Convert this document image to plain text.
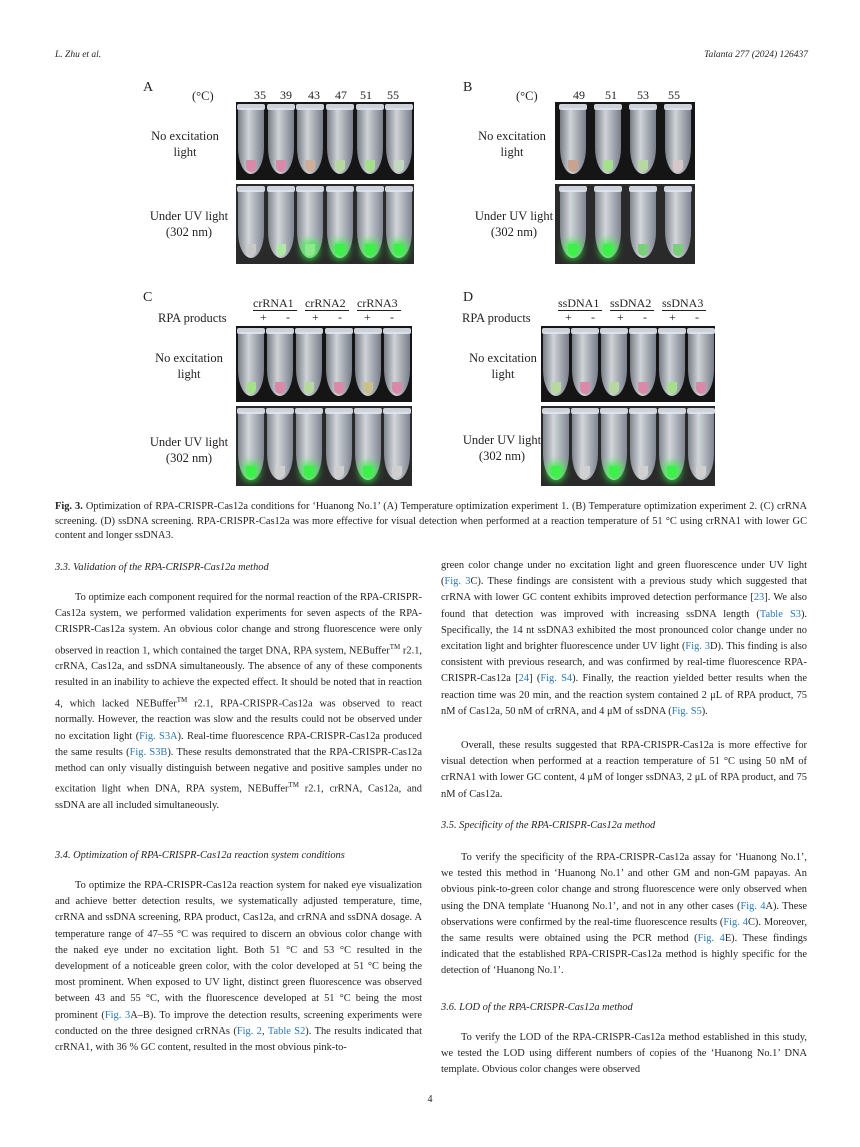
L. Zhu et al.	Talanta 277 (2024) 126437
A
(°C)	35 39 43 47 51 55
No excitation light
Under UV light (302 nm)
B
(°C)	49 51 53 55
No excitation light
Under UV light (302 nm)
C	crRNA1 crRNA2 crRNA3
RPA products	+ - + - + -
No excitation light
Under UV light (302 nm)
D	ssDNA1 ssDNA2 ssDNA3
RPA products	+ - + - + -
No excitation light
Under UV light (302 nm)
Fig. 3. Optimization of RPA-CRISPR-Cas12a conditions for ‘Huanong No.1’ (A) Temperature optimization experiment 1. (B) Temperature optimization experiment 2. (C) crRNA screening. (D) ssDNA screening. RPA-CRISPR-Cas12a was more effective for visual detection when performed at a reaction temperature of 51 °C using crRNA1 with lower GC content and longer ssDNA3.
3.3. Validation of the RPA-CRISPR-Cas12a method
To optimize each component required for the normal reaction of the RPA-CRISPR-Cas12a system, we performed validation experiments for seven aspects of the RPA-CRISPR-Cas12a system. An obvious color change and strong fluorescence were only observed in reaction 1, which contained the target DNA, RPA system, NEBuffer™ r2.1, crRNA, Cas12a, and ssDNA simultaneously. The absence of any of these components resulted in an inability to achieve the expected effect. It should be noted that in reaction 4, which lacked NEBuffer™ r2.1, RPA-CRISPR-Cas12a was observed to react normally. However, the reaction was slow and the results could not be observed under no excitation light (Fig. S3A). Real-time fluorescence RPA-CRISPR-Cas12a produced the same results (Fig. S3B). These results demonstrated that the RPA-CRISPR-Cas12a method can only visually distinguish between negative and positive samples under no excitation light when DNA, RPA system, NEBuffer™ r2.1, crRNA, Cas12a, and ssDNA are all included simultaneously.
3.4. Optimization of RPA-CRISPR-Cas12a reaction system conditions
To optimize the RPA-CRISPR-Cas12a reaction system for naked eye visualization and achieve better detection results, we systematically adjusted temperature, time, crRNA and ssDNA screening, RPA product, Cas12a, and crRNA and ssDNA dosage. A temperature range of 47–55 °C was required to discern an obvious color change with the naked eye under no excitation light. Both 51 °C and 53 °C resulted in the development of a noticeable green color, with the color developed at 51 °C being the most prominent. When exposed to UV light, distinct green fluorescence was observed between 43 and 55 °C, with the fluorescence developed at 51 °C being the most prominent (Fig. 3A–B). To improve the detection results, screening experiments were conducted on the three designed crRNAs (Fig. 2, Table S2). The results indicated that crRNA1, with 36 % GC content, resulted in the most obvious pink-to-
green color change under no excitation light and green fluorescence under UV light (Fig. 3C). These findings are consistent with a previous study which suggested that crRNA with lower GC content exhibits improved detection performance [23]. We also found that detection was improved with increasing ssDNA length (Table S3). Specifically, the 14 nt ssDNA3 exhibited the most pronounced color change under no excitation light and brighter fluorescence under UV light (Fig. 3D). This finding is also consistent with previous research, and was confirmed by real-time fluorescence RPA-CRISPR-Cas12a [24] (Fig. S4). Finally, the reaction yielded better results when the reaction time was 20 min, and the reaction system contained 2 μL of RPA product, 75 nM of Cas12a, 50 nM of crRNA, and 4 μM of ssDNA (Fig. S5).
Overall, these results suggested that RPA-CRISPR-Cas12a is more effective for visual detection when performed at a reaction temperature of 51 °C using 50 nM of crRNA1 with lower GC content, 4 μM of longer ssDNA3, 2 μL of RPA product, and 75 nM of Cas12a.
3.5. Specificity of the RPA-CRISPR-Cas12a method
To verify the specificity of the RPA-CRISPR-Cas12a assay for ‘Huanong No.1’, we tested this method in ‘Huanong No.1’ and other GM and non-GM papayas. An obvious pink-to-green color change and strong fluorescence were only observed when using the DNA template ‘Huanong No.1’, and not in any other cases (Fig. 4A). These observations were confirmed by the real-time fluorescence results (Fig. 4C). Moreover, the same results were obtained using the PCR method (Fig. 4E). These findings indicated that the established RPA-CRISPR-Cas12a method is highly specific for the detection of ‘Huanong No.1’.
3.6. LOD of the RPA-CRISPR-Cas12a method
To verify the LOD of the RPA-CRISPR-Cas12a method established in this study, we tested the LOD using different numbers of copies of the ‘Huanong No.1’ DNA template. Obvious color changes were observed
4
